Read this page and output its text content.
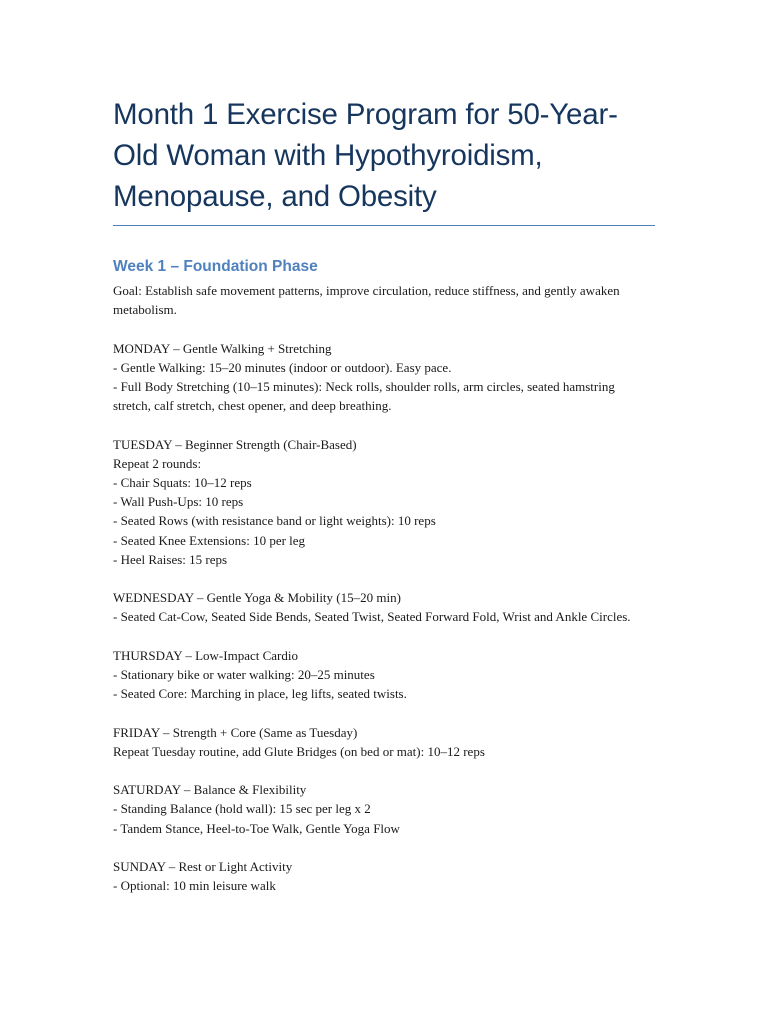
Month 1 Exercise Program for 50-Year-Old Woman with Hypothyroidism, Menopause, and Obesity
Week 1 – Foundation Phase

Goal: Establish safe movement patterns, improve circulation, reduce stiffness, and gently awaken metabolism.

MONDAY – Gentle Walking + Stretching
- Gentle Walking: 15–20 minutes (indoor or outdoor). Easy pace.
- Full Body Stretching (10–15 minutes): Neck rolls, shoulder rolls, arm circles, seated hamstring stretch, calf stretch, chest opener, and deep breathing.
TUESDAY – Beginner Strength (Chair-Based)
Repeat 2 rounds:
- Chair Squats: 10–12 reps
- Wall Push-Ups: 10 reps
- Seated Rows (with resistance band or light weights): 10 reps
- Seated Knee Extensions: 10 per leg
- Heel Raises: 15 reps
WEDNESDAY – Gentle Yoga & Mobility (15–20 min)
- Seated Cat-Cow, Seated Side Bends, Seated Twist, Seated Forward Fold, Wrist and Ankle Circles.
THURSDAY – Low-Impact Cardio
- Stationary bike or water walking: 20–25 minutes
- Seated Core: Marching in place, leg lifts, seated twists.
FRIDAY – Strength + Core (Same as Tuesday)
Repeat Tuesday routine, add Glute Bridges (on bed or mat): 10–12 reps
SATURDAY – Balance & Flexibility
- Standing Balance (hold wall): 15 sec per leg x 2
- Tandem Stance, Heel-to-Toe Walk, Gentle Yoga Flow
SUNDAY – Rest or Light Activity
- Optional: 10 min leisure walk
